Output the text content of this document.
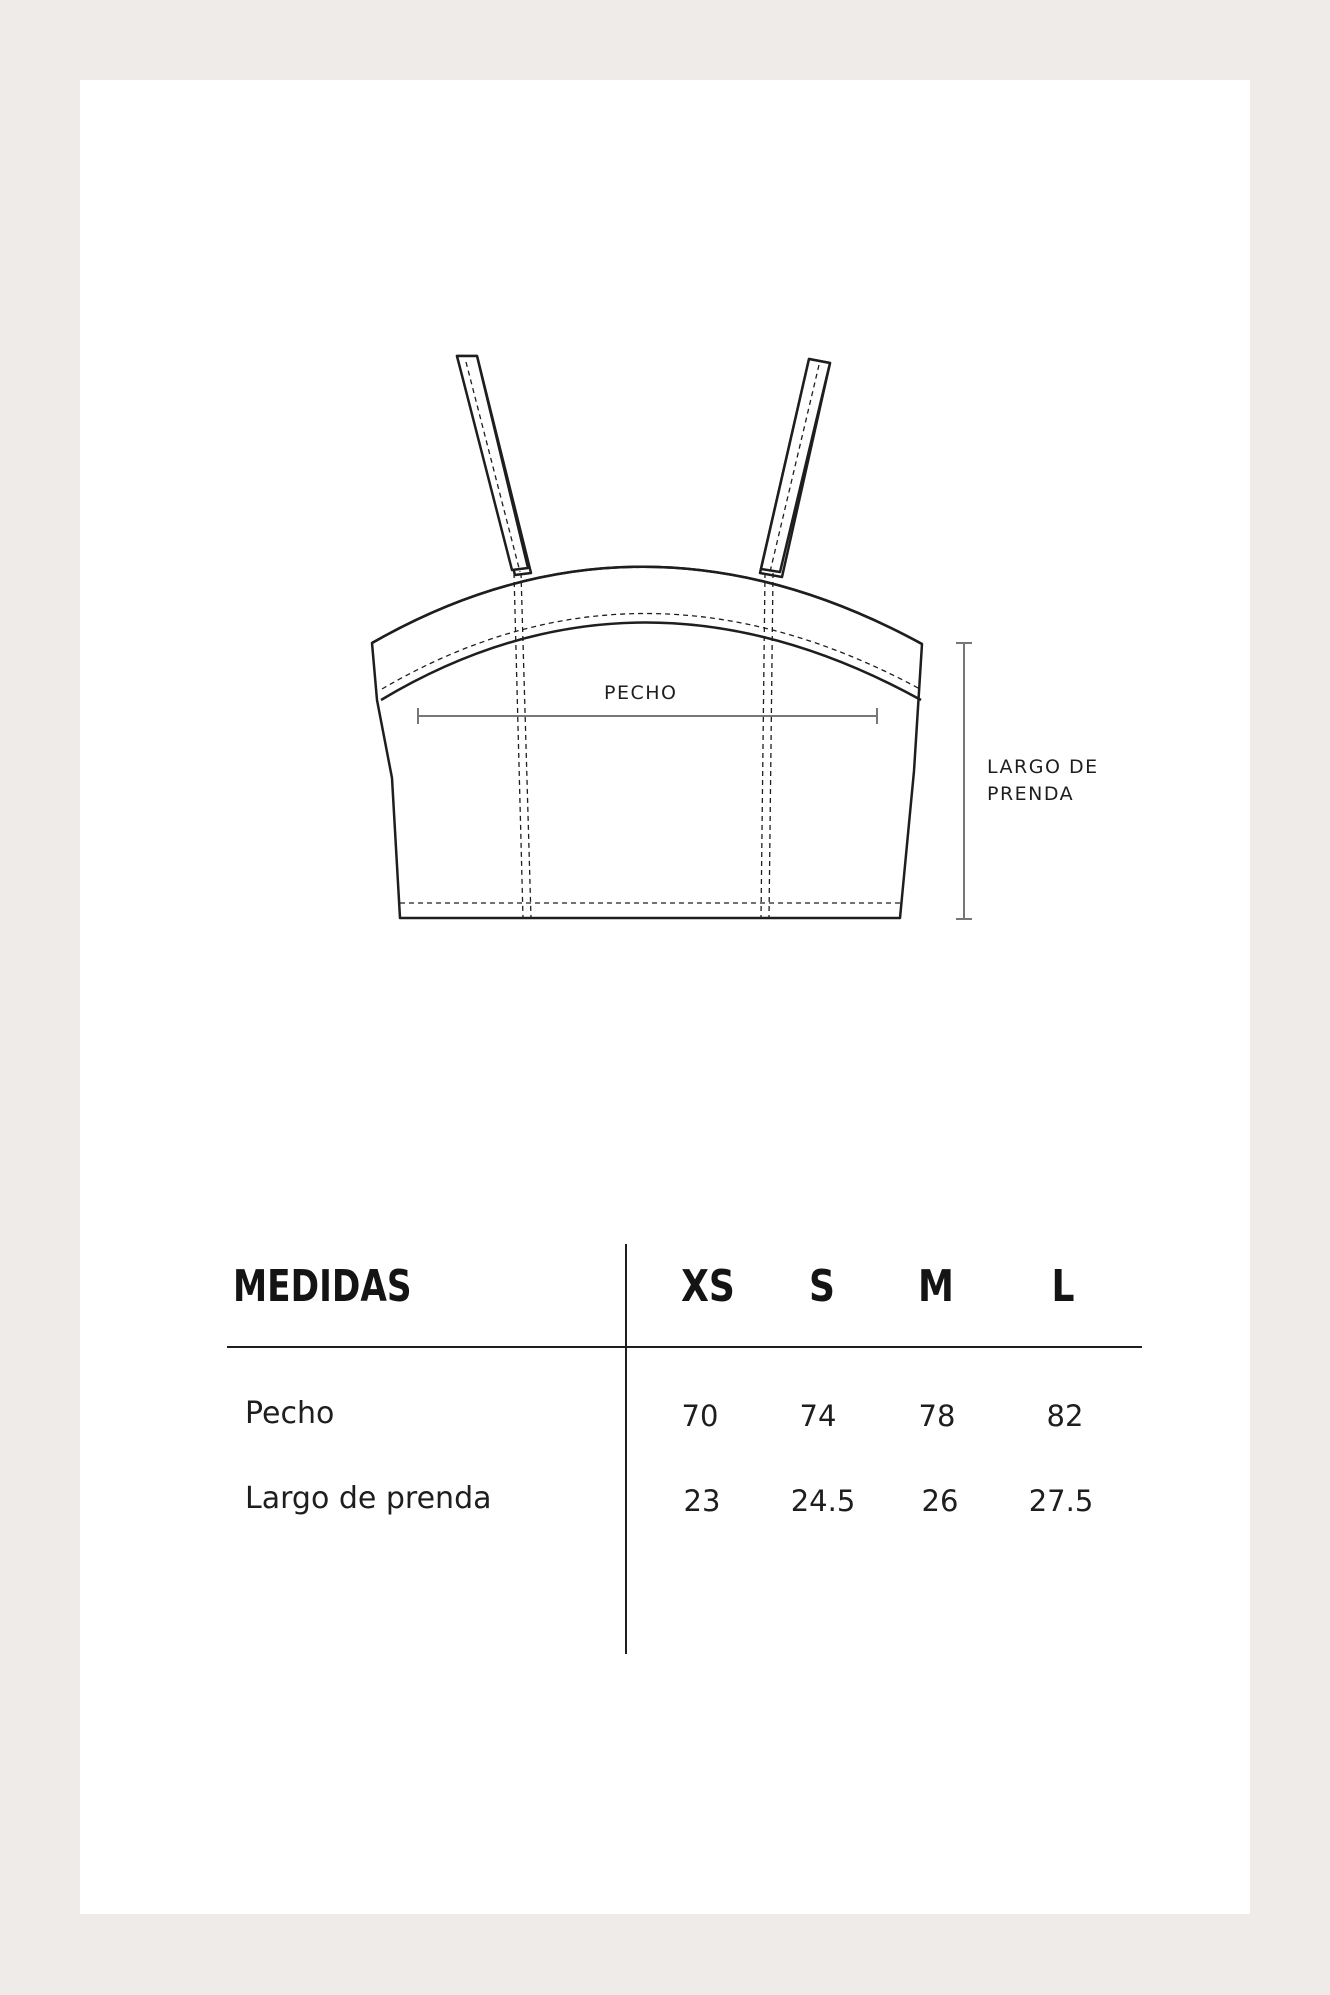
PECHO
LARGO DE
PRENDA
MEDIDAS	XS	S	M	L
Pecho	70	74	78	82
Largo de prenda	23	24.5	26	27.5
